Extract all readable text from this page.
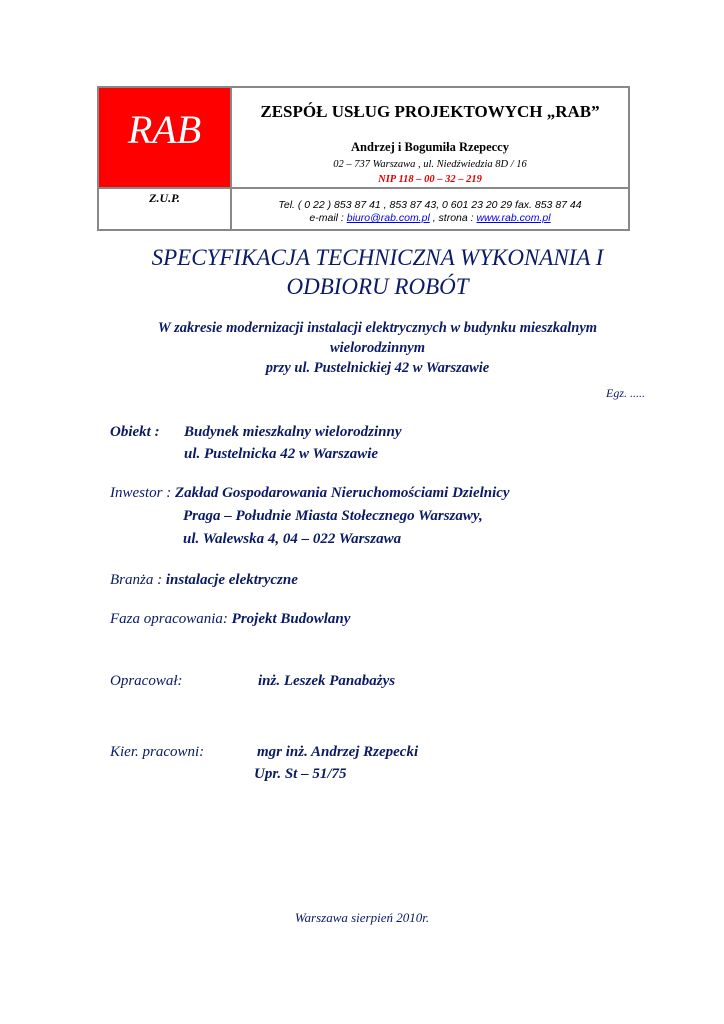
RAB
Z.U.P.
ZESPÓŁ USŁUG PROJEKTOWYCH „RAB”
Andrzej i Bogumiła Rzepeccy
02 – 737 Warszawa , ul. Niedźwiedzia 8D / 16
NIP 118 – 00 – 32 – 219
Tel. ( 0 22 ) 853 87 41 , 853 87 43, 0 601 23 20 29 fax. 853 87 44
e-mail : biuro@rab.com.pl , strona : www.rab.com.pl
SPECYFIKACJA TECHNICZNA WYKONANIA I
ODBIORU ROBÓT
W zakresie modernizacji instalacji elektrycznych w budynku mieszkalnym
wielorodzinnym
przy ul. Pustelnickiej 42 w Warszawie
Egz. .....
Obiekt : Budynek mieszkalny wielorodzinny
ul. Pustelnicka 42 w Warszawie
Inwestor : Zakład Gospodarowania Nieruchomościami Dzielnicy
Praga – Południe Miasta Stołecznego Warszawy,
ul. Walewska 4, 04 – 022 Warszawa
Branża : instalacje elektryczne
Faza opracowania: Projekt Budowlany
Opracował:	inż. Leszek Panabażys
Kier. pracowni:	mgr inż. Andrzej Rzepecki
Upr. St – 51/75
Warszawa sierpień 2010r.
